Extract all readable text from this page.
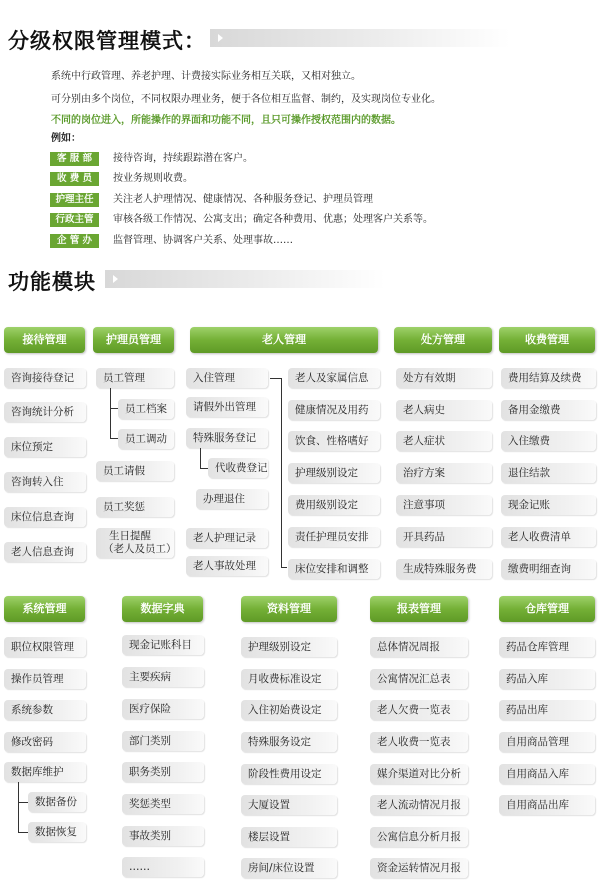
分级权限管理模式：
系统中行政管理、养老护理、计费接实际业务相互关联，又相对独立。
可分别由多个岗位，不同权限办理业务，便于各位相互监督、制约，及实现岗位专业化。
不同的岗位进入，所能操作的界面和功能不同，且只可操作授权范围内的数据。
例如：
客 服 部	接待咨询，持续跟踪潜在客户。
收 费 员	按业务规则收费。
护理主任	关注老人护理情况、健康情况、各种服务登记、护理员管理
行政主管	审核各级工作情况、公寓支出；确定各种费用、优惠；处理客户关系等。
企 管 办	监督管理、协调客户关系、处理事故……
功能模块
接待管理
咨询接待登记
咨询统计分析
床位预定
咨询转入住
床位信息查询
老人信息查询
护理员管理
员工管理
员工档案
员工调动
员工请假
员工奖惩
生日提醒
（老人及员工）
老人管理
入住管理
请假外出管理
特殊服务登记
代收费登记
办理退住
老人护理记录
老人事故处理
老人及家属信息
健康情况及用药
饮食、性格嗜好
护理级别设定
费用级别设定
责任护理员安排
床位安排和调整
处方管理
处方有效期
老人病史
老人症状
治疗方案
注意事项
开具药品
生成特殊服务费
收费管理
费用结算及续费
备用金缴费
入住缴费
退住结款
现金记账
老人收费清单
缴费明细查询
系统管理
职位权限管理
操作员管理
系统参数
修改密码
数据库维护
数据备份
数据恢复
数据字典
现金记账科目
主要疾病
医疗保险
部门类别
职务类别
奖惩类型
事故类别
……
资料管理
护理级别设定
月收费标准设定
入住初始费设定
特殊服务设定
阶段性费用设定
大厦设置
楼层设置
房间/床位设置
报表管理
总体情况周报
公寓情况汇总表
老人欠费一览表
老人收费一览表
媒介渠道对比分析
老人流动情况月报
公寓信息分析月报
资金运转情况月报
仓库管理
药品仓库管理
药品入库
药品出库
自用商品管理
自用商品入库
自用商品出库
